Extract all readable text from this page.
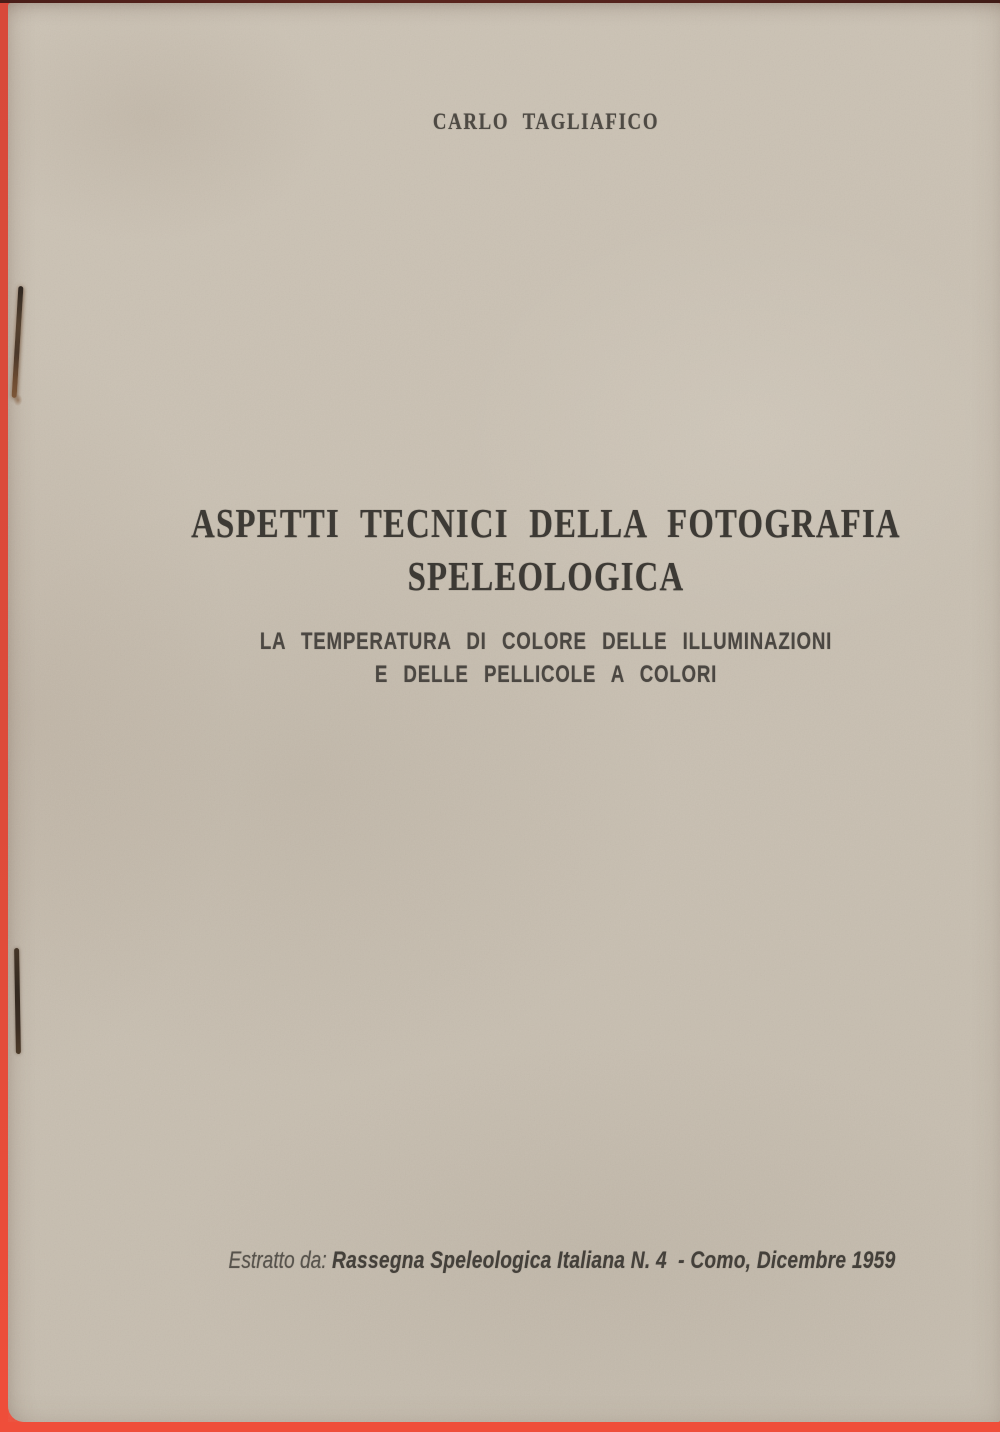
CARLO TAGLIAFICO
ASPETTI TECNICI DELLA FOTOGRAFIA
SPELEOLOGICA
LA TEMPERATURA DI COLORE DELLE ILLUMINAZIONI
E DELLE PELLICOLE A COLORI

Estratto da: Rassegna Speleologica Italiana N. 4  - Como, Dicembre 1959
